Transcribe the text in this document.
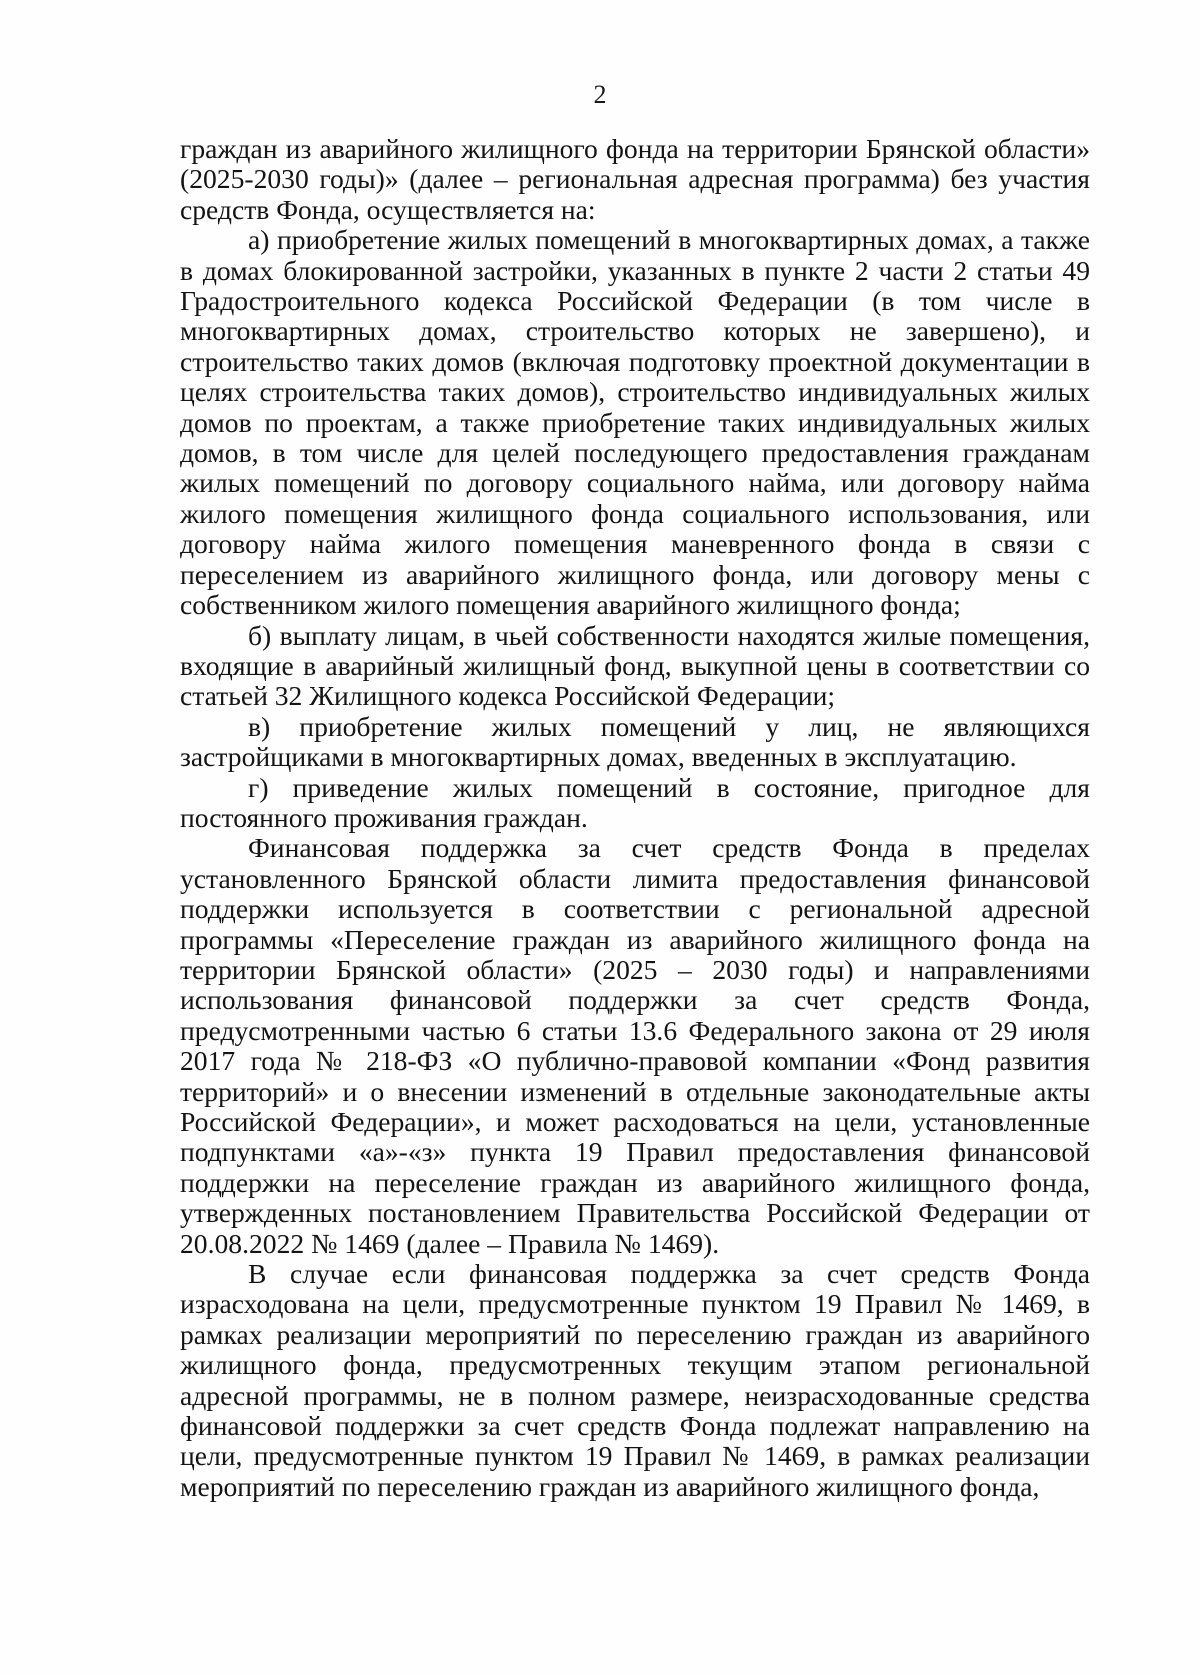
2

граждан из аварийного жилищного фонда на территории Брянской области» (2025-2030 годы)» (далее – региональная адресная программа) без участия средств Фонда, осуществляется на:

а) приобретение жилых помещений в многоквартирных домах, а также в домах блокированной застройки, указанных в пункте 2 части 2 статьи 49 Градостроительного кодекса Российской Федерации (в том числе в многоквартирных домах, строительство которых не завершено), и строительство таких домов (включая подготовку проектной документации в целях строительства таких домов), строительство индивидуальных жилых домов по проектам, а также приобретение таких индивидуальных жилых домов, в том числе для целей последующего предоставления гражданам жилых помещений по договору социального найма, или договору найма жилого помещения жилищного фонда социального использования, или договору найма жилого помещения маневренного фонда в связи с переселением из аварийного жилищного фонда, или договору мены с собственником жилого помещения аварийного жилищного фонда;

б) выплату лицам, в чьей собственности находятся жилые помещения, входящие в аварийный жилищный фонд, выкупной цены в соответствии со статьей 32 Жилищного кодекса Российской Федерации;

в) приобретение жилых помещений у лиц, не являющихся застройщиками в многоквартирных домах, введенных в эксплуатацию.

г) приведение жилых помещений в состояние, пригодное для постоянного проживания граждан.

Финансовая поддержка за счет средств Фонда в пределах установленного Брянской области лимита предоставления финансовой поддержки используется в соответствии с региональной адресной программы «Переселение граждан из аварийного жилищного фонда на территории Брянской области» (2025 – 2030 годы) и направлениями использования финансовой поддержки за счет средств Фонда, предусмотренными частью 6 статьи 13.6 Федерального закона от 29 июля 2017 года № 218-ФЗ «О публично-правовой компании «Фонд развития территорий» и о внесении изменений в отдельные законодательные акты Российской Федерации», и может расходоваться на цели, установленные подпунктами «а»-«з» пункта 19 Правил предоставления финансовой поддержки на переселение граждан из аварийного жилищного фонда, утвержденных постановлением Правительства Российской Федерации от 20.08.2022 № 1469 (далее – Правила № 1469).

В случае если финансовая поддержка за счет средств Фонда израсходована на цели, предусмотренные пунктом 19 Правил № 1469, в рамках реализации мероприятий по переселению граждан из аварийного жилищного фонда, предусмотренных текущим этапом региональной адресной программы, не в полном размере, неизрасходованные средства финансовой поддержки за счет средств Фонда подлежат направлению на цели, предусмотренные пунктом 19 Правил № 1469, в рамках реализации мероприятий по переселению граждан из аварийного жилищного фонда,
